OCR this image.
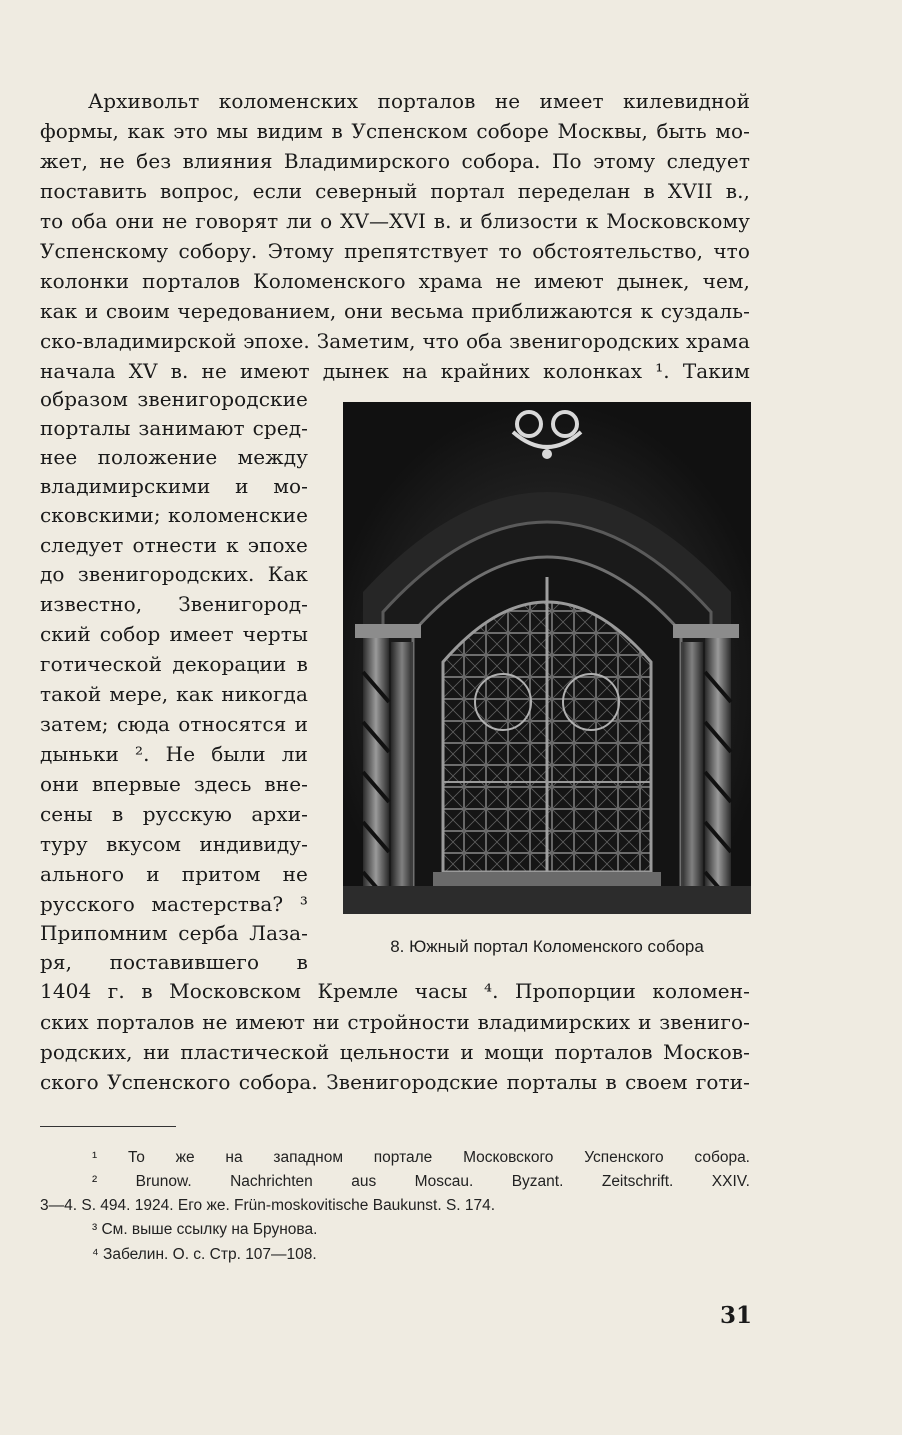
Архивольт коломенских порталов не имеет килевидной
формы, как это мы видим в Успенском соборе Москвы, быть мо-
жет, не без влияния Владимирского собора. По этому следует
поставить вопрос, если северный портал переделан в XVII в.,
то оба они не говорят ли о XV—XVI в. и близости к Московскому
Успенскому собору. Этому препятствует то обстоятельство, что
колонки порталов Коломенского храма не имеют дынек, чем,
как и своим чередованием, они весьма приближаются к суздаль-
ско-владимирской эпохе. Заметим, что оба звенигородских храма
начала XV в. не имеют дынек на крайних колонках ¹. Таким
образом звенигородские
порталы занимают сред-
нее положение между
владимирскими и мо-
сковскими; коломенские
следует отнести к эпохе
до звенигородских. Как
известно, Звенигород-
ский собор имеет черты
готической декорации в
такой мере, как никогда
затем; сюда относятся и
дыньки ². Не были ли
они впервые здесь вне-
сены в русскую архи-
туру вкусом индивиду-
ального и притом не
русского мастерства? ³
Припомним серба Лаза-
ря, поставившего в
8. Южный портал Коломенского собора
1404 г. в Московском Кремле часы ⁴. Пропорции коломен-
ских порталов не имеют ни стройности владимирских и звениго-
родских, ни пластической цельности и мощи порталов Москов-
ского Успенского собора. Звенигородские порталы в своем готи-
¹ То же на западном портале Московского Успенского собора.
² Brunow. Nachrichten aus Moscau. Byzant. Zeitschrift. XXIV.
3—4. S. 494. 1924. Его же. Frün-moskovitische Baukunst. S. 174.
³ См. выше ссылку на Брунова.
⁴ Забелин. О. с. Стр. 107—108.
31
